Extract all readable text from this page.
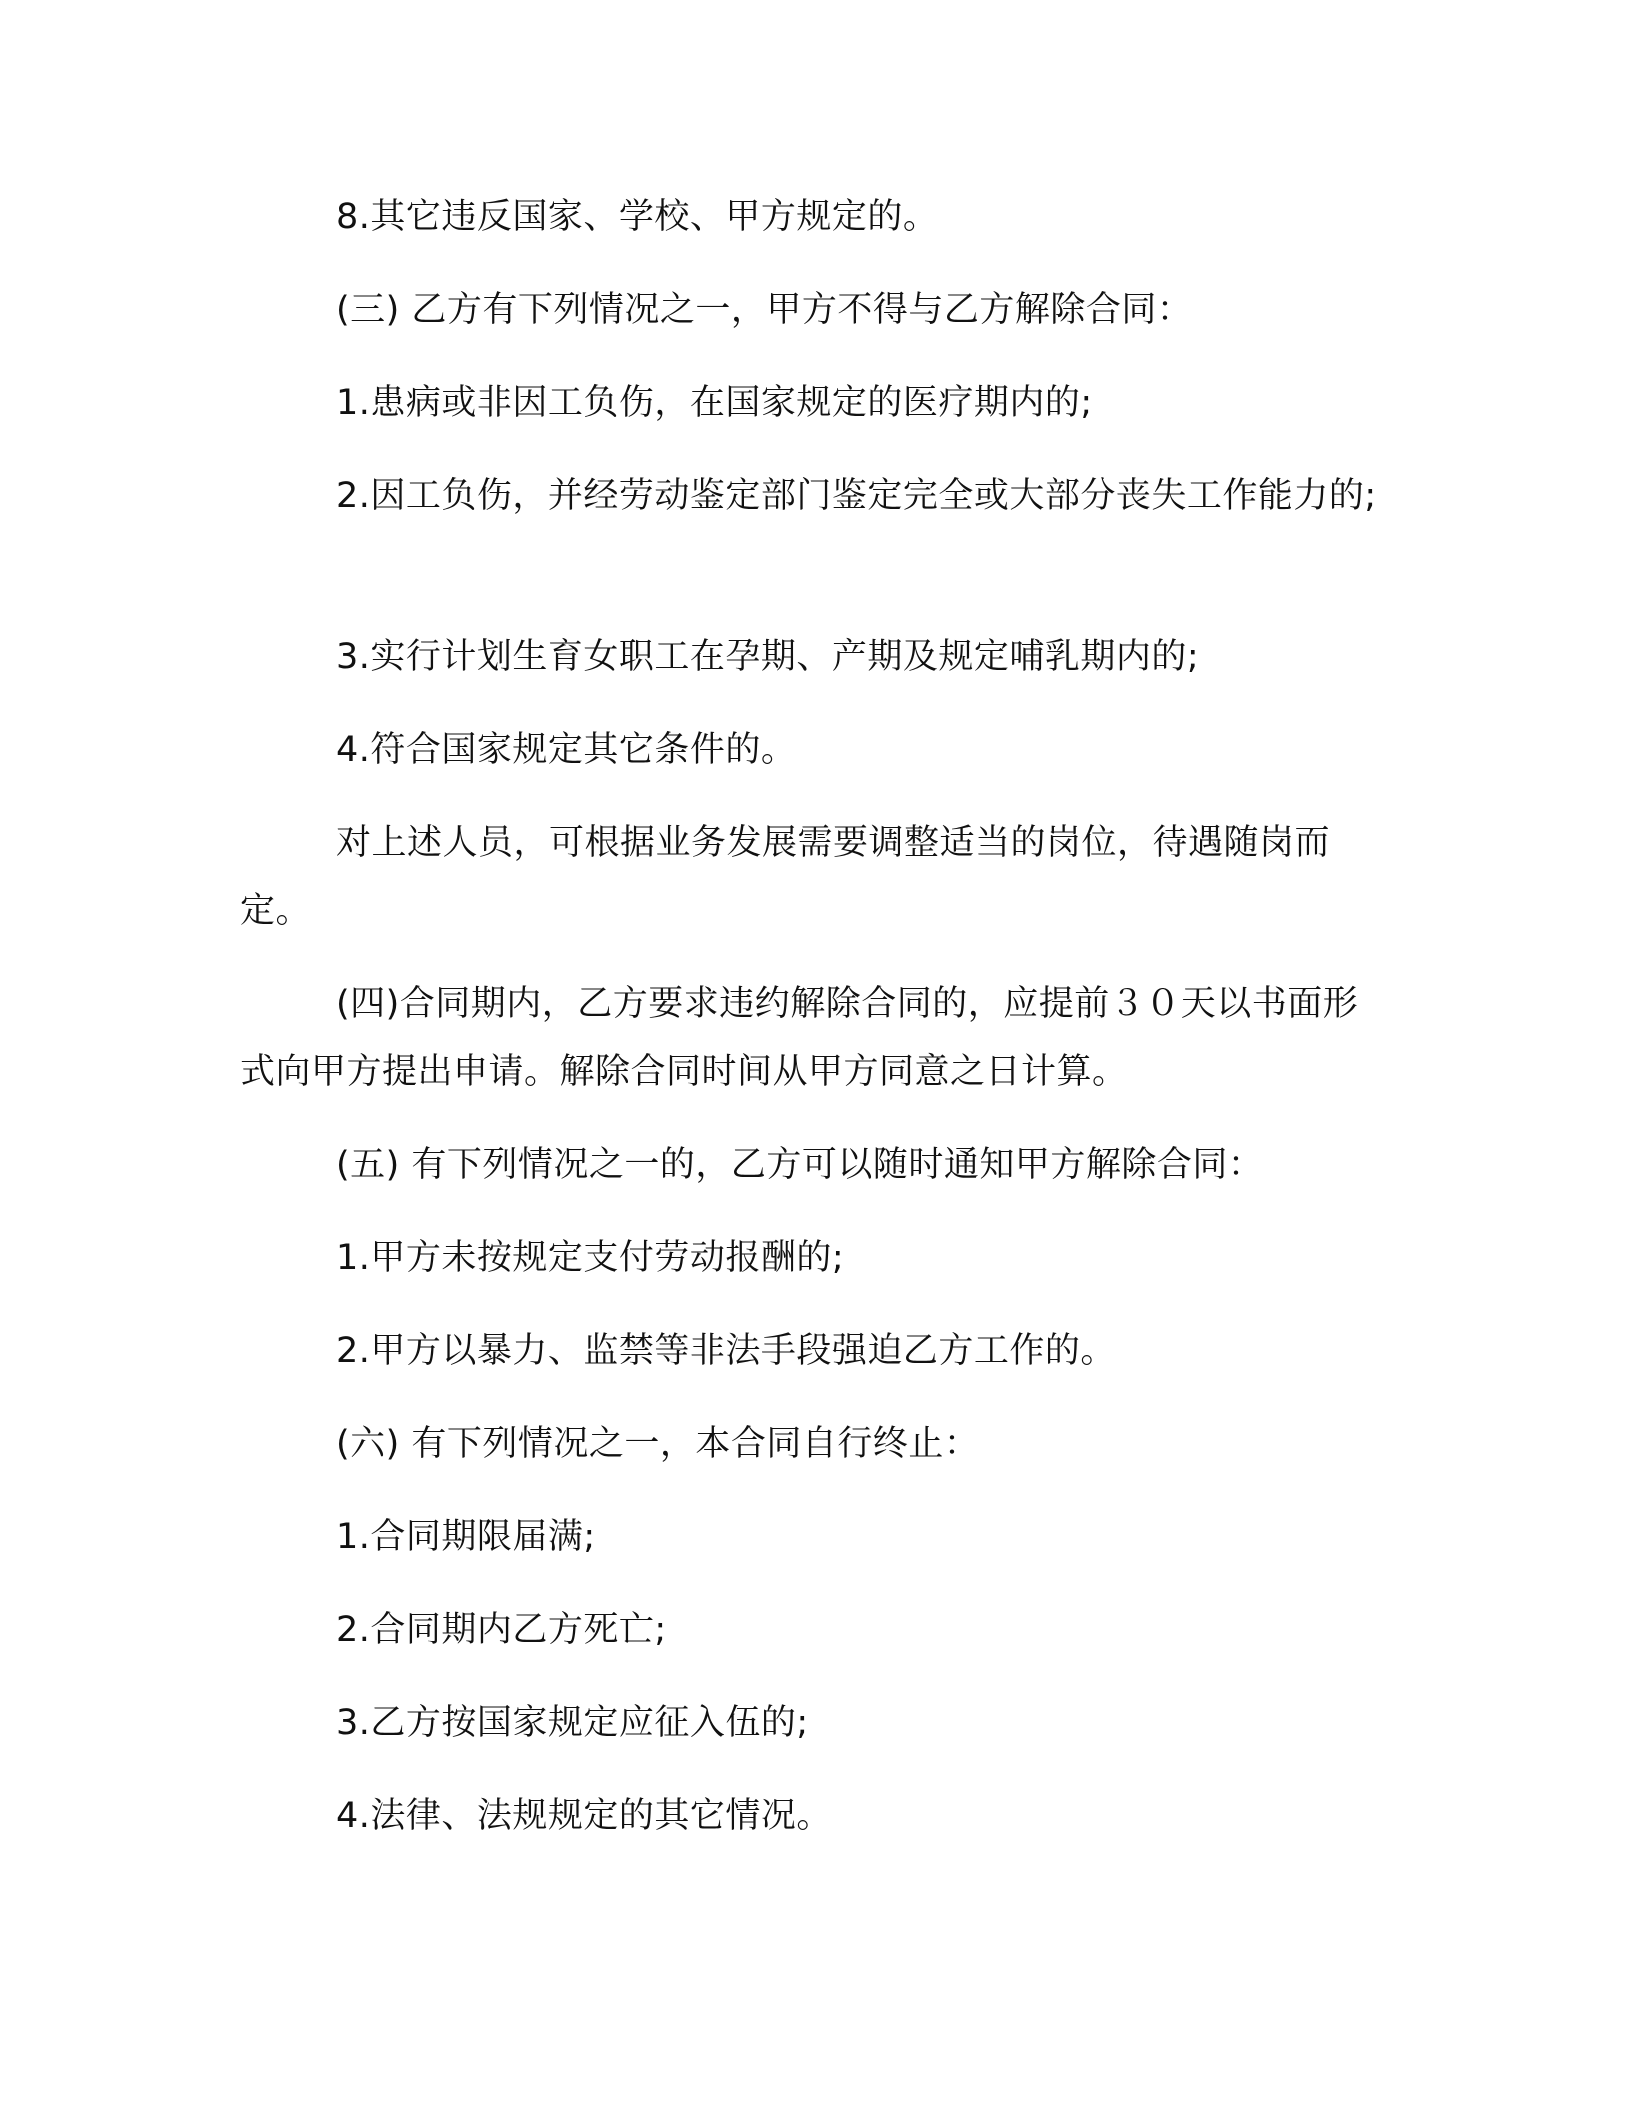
8.其它违反国家、学校、甲方规定的。

(三) 乙方有下列情况之一，甲方不得与乙方解除合同：

1.患病或非因工负伤，在国家规定的医疗期内的;

2.因工负伤，并经劳动鉴定部门鉴定完全或大部分丧失工作能力的;

3.实行计划生育女职工在孕期、产期及规定哺乳期内的;

4.符合国家规定其它条件的。

对上述人员，可根据业务发展需要调整适当的岗位，待遇随岗而定。

(四)合同期内，乙方要求违约解除合同的，应提前３０天以书面形式向甲方提出申请。解除合同时间从甲方同意之日计算。

(五) 有下列情况之一的，乙方可以随时通知甲方解除合同：

1.甲方未按规定支付劳动报酬的;

2.甲方以暴力、监禁等非法手段强迫乙方工作的。

(六) 有下列情况之一，本合同自行终止：

1.合同期限届满;

2.合同期内乙方死亡;

3.乙方按国家规定应征入伍的;

4.法律、法规规定的其它情况。
